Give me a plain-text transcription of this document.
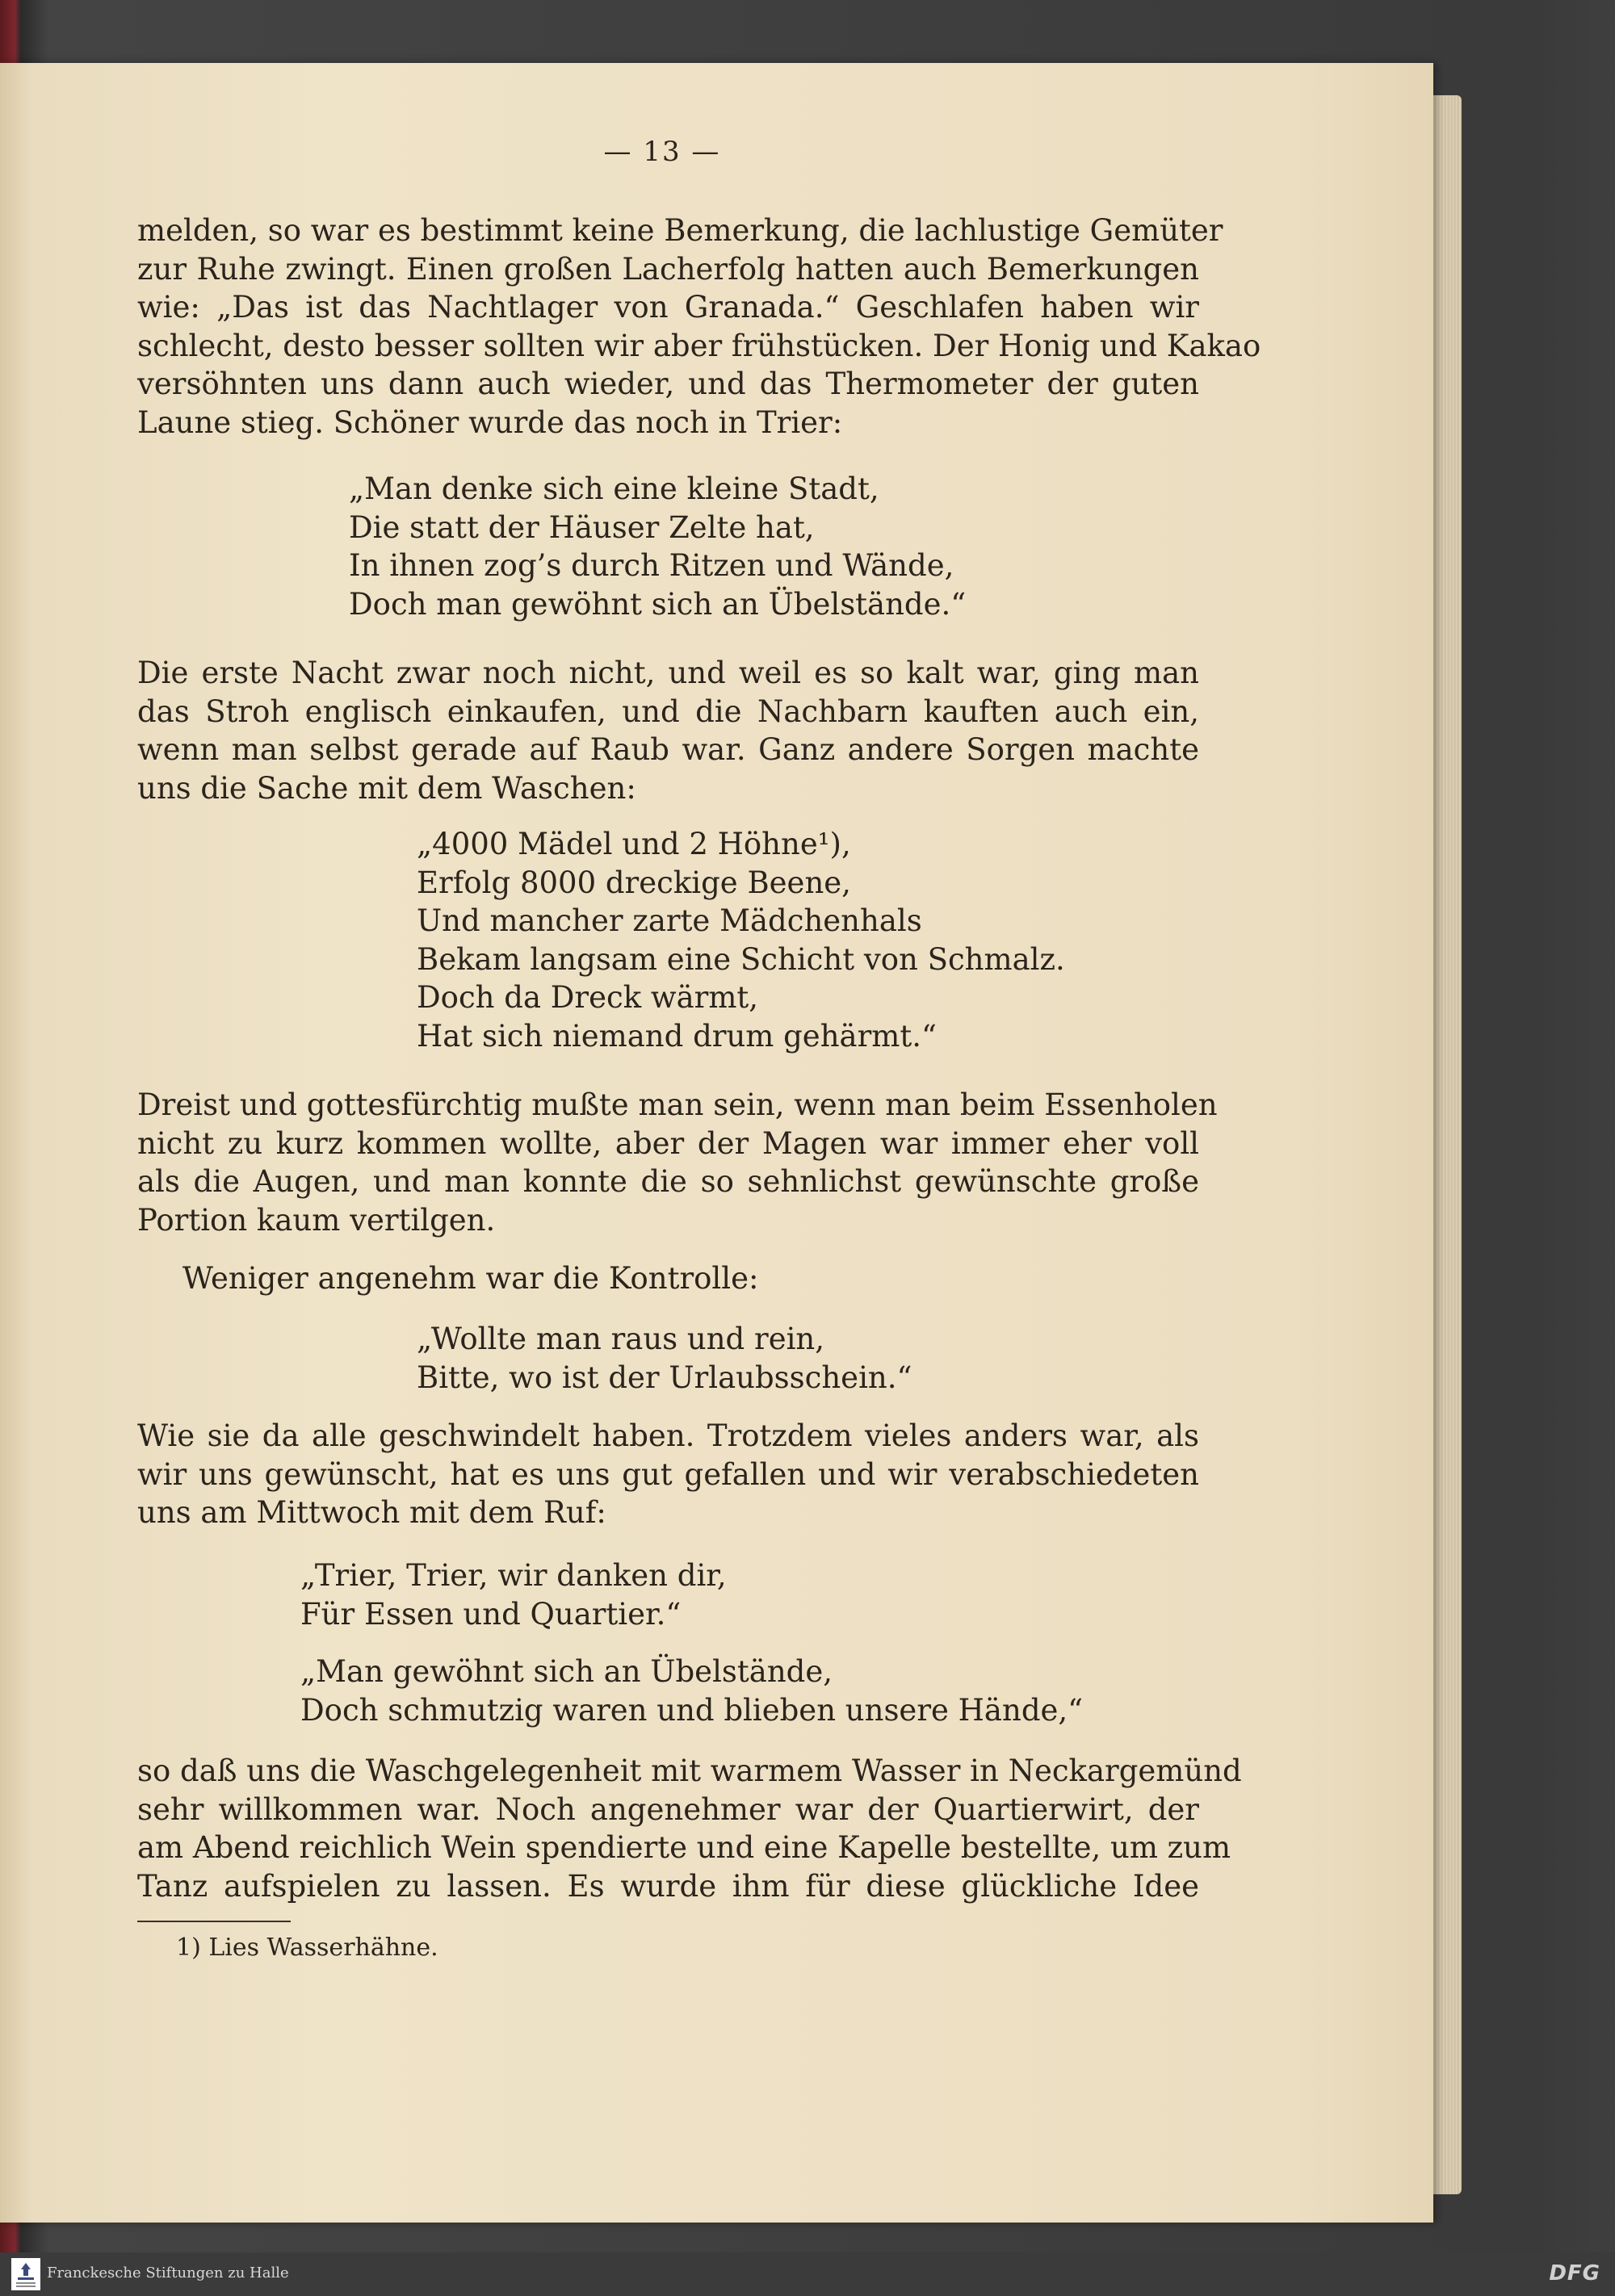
— 13 —
melden, so war es bestimmt keine Bemerkung, die lachlustige Gemüter
zur Ruhe zwingt. Einen großen Lacherfolg hatten auch Bemerkungen
wie: „Das ist das Nachtlager von Granada.“ Geschlafen haben wir
schlecht, desto besser sollten wir aber frühstücken. Der Honig und Kakao
versöhnten uns dann auch wieder, und das Thermometer der guten
Laune stieg. Schöner wurde das noch in Trier:
„Man denke sich eine kleine Stadt,
Die statt der Häuser Zelte hat,
In ihnen zog’s durch Ritzen und Wände,
Doch man gewöhnt sich an Übelstände.“
Die erste Nacht zwar noch nicht, und weil es so kalt war, ging man
das Stroh englisch einkaufen, und die Nachbarn kauften auch ein,
wenn man selbst gerade auf Raub war. Ganz andere Sorgen machte
uns die Sache mit dem Waschen:
„4000 Mädel und 2 Höhne¹),
Erfolg 8000 dreckige Beene,
Und mancher zarte Mädchenhals
Bekam langsam eine Schicht von Schmalz.
Doch da Dreck wärmt,
Hat sich niemand drum gehärmt.“
Dreist und gottesfürchtig mußte man sein, wenn man beim Essenholen
nicht zu kurz kommen wollte, aber der Magen war immer eher voll
als die Augen, und man konnte die so sehnlichst gewünschte große
Portion kaum vertilgen.
Weniger angenehm war die Kontrolle:
„Wollte man raus und rein,
Bitte, wo ist der Urlaubsschein.“
Wie sie da alle geschwindelt haben. Trotzdem vieles anders war, als
wir uns gewünscht, hat es uns gut gefallen und wir verabschiedeten
uns am Mittwoch mit dem Ruf:
„Trier, Trier, wir danken dir,
Für Essen und Quartier.“
„Man gewöhnt sich an Übelstände,
Doch schmutzig waren und blieben unsere Hände,“
so daß uns die Waschgelegenheit mit warmem Wasser in Neckargemünd
sehr willkommen war. Noch angenehmer war der Quartierwirt, der
am Abend reichlich Wein spendierte und eine Kapelle bestellte, um zum
Tanz aufspielen zu lassen. Es wurde ihm für diese glückliche Idee
1) Lies Wasserhähne.
Franckesche Stiftungen zu Halle	DFG
